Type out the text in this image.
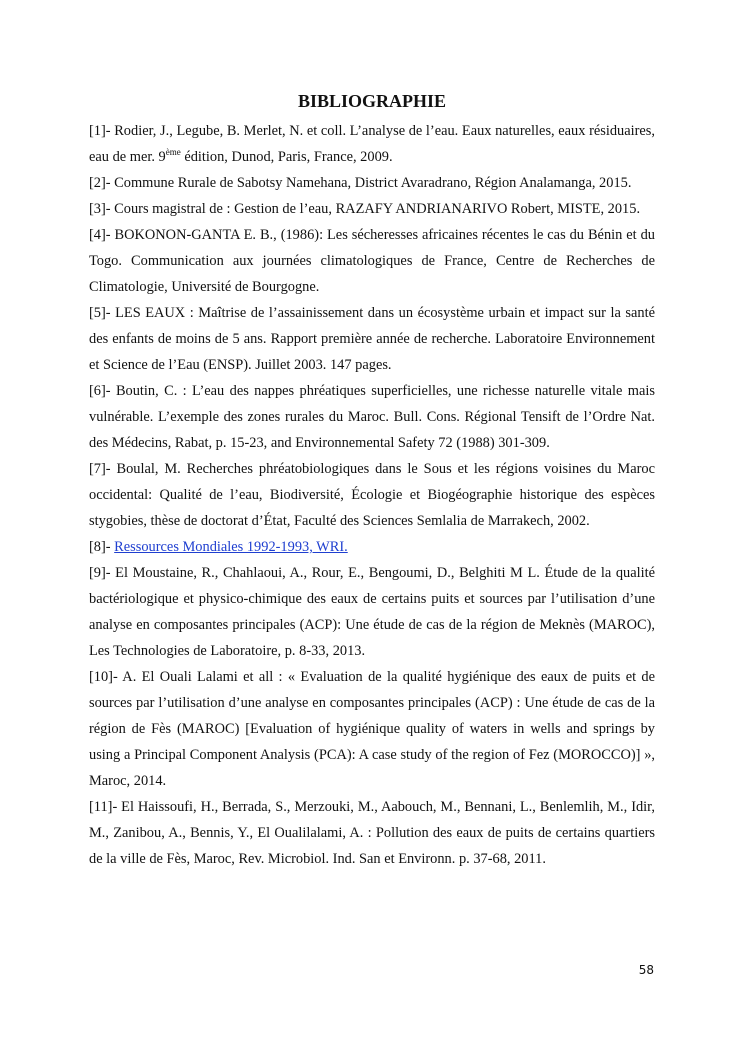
BIBLIOGRAPHIE

[1]- Rodier, J., Legube, B. Merlet, N. et coll. L’analyse de l’eau. Eaux naturelles, eaux résiduaires, eau de mer. 9ème édition, Dunod, Paris, France, 2009.

[2]- Commune Rurale de Sabotsy Namehana, District Avaradrano, Région Analamanga, 2015.

[3]- Cours magistral de : Gestion de l’eau, RAZAFY ANDRIANARIVO Robert, MISTE, 2015.

[4]- BOKONON-GANTA E. B., (1986): Les sécheresses africaines récentes le cas du Bénin et du Togo. Communication aux journées climatologiques de France, Centre de Recherches de Climatologie, Université de Bourgogne.

[5]- LES EAUX : Maîtrise de l’assainissement dans un écosystème urbain et impact sur la santé des enfants de moins de 5 ans. Rapport première année de recherche. Laboratoire Environnement et Science de l’Eau (ENSP). Juillet 2003. 147 pages.

[6]- Boutin, C. : L’eau des nappes phréatiques superficielles, une richesse naturelle vitale mais vulnérable. L’exemple des zones rurales du Maroc. Bull. Cons. Régional Tensift de l’Ordre Nat. des Médecins, Rabat, p. 15-23, and Environnemental Safety 72 (1988) 301-309.

[7]- Boulal, M. Recherches phréatobiologiques dans le Sous et les régions voisines du Maroc occidental: Qualité de l’eau, Biodiversité, Écologie et Biogéographie historique des espèces stygobies, thèse de doctorat d’État, Faculté des Sciences Semlalia de Marrakech, 2002.

[8]- Ressources Mondiales 1992-1993, WRI.

[9]- El Moustaine, R., Chahlaoui, A., Rour, E., Bengoumi, D., Belghiti M L. Étude de la qualité bactériologique et physico-chimique des eaux de certains puits et sources par l’utilisation d’une analyse en composantes principales (ACP): Une étude de cas de la région de Meknès (MAROC), Les Technologies de Laboratoire, p. 8-33, 2013.

[10]- A. El Ouali Lalami et all : « Evaluation de la qualité hygiénique des eaux de puits et de sources par l’utilisation d’une analyse en composantes principales (ACP) : Une étude de cas de la région de Fès (MAROC) [Evaluation of hygiénique quality of waters in wells and springs by using a Principal Component Analysis (PCA): A case study of the region of Fez (MOROCCO)] », Maroc, 2014.

[11]- El Haissoufi, H., Berrada, S., Merzouki, M., Aabouch, M., Bennani, L., Benlemlih, M., Idir, M., Zanibou, A., Bennis, Y., El Oualilalami, A. : Pollution des eaux de puits de certains quartiers de la ville de Fès, Maroc, Rev. Microbiol. Ind. San et Environn. p. 37-68, 2011.

58
